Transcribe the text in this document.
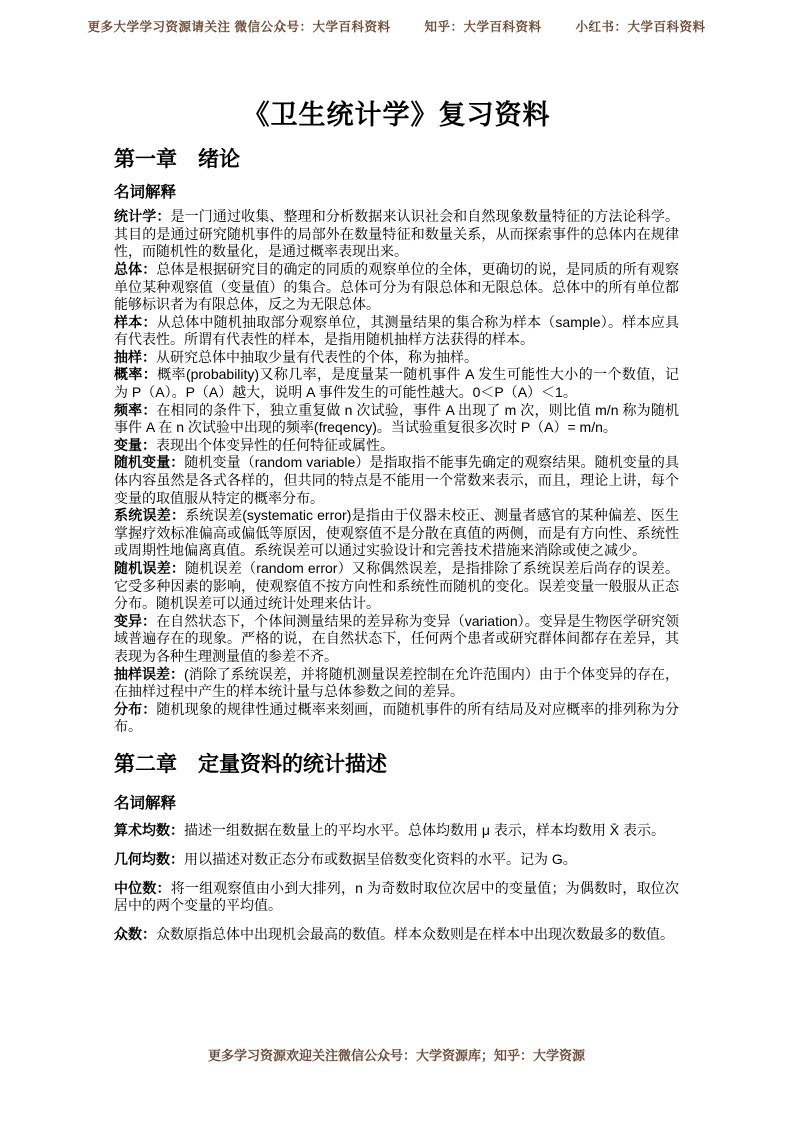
更多大学学习资源请关注 微信公众号：大学百科资料	知乎：大学百科资料	小红书：大学百科资料
《卫生统计学》复习资料
第一章　绪论
名词解释

统计学：是一门通过收集、整理和分析数据来认识社会和自然现象数量特征的方法论科学。其目的是通过研究随机事件的局部外在数量特征和数量关系，从而探索事件的总体内在规律性，而随机性的数量化，是通过概率表现出来。

总体：总体是根据研究目的确定的同质的观察单位的全体，更确切的说，是同质的所有观察单位某种观察值（变量值）的集合。总体可分为有限总体和无限总体。总体中的所有单位都能够标识者为有限总体，反之为无限总体。

样本：从总体中随机抽取部分观察单位，其测量结果的集合称为样本（sample）。样本应具有代表性。所谓有代表性的样本，是指用随机抽样方法获得的样本。

抽样：从研究总体中抽取少量有代表性的个体，称为抽样。

概率：概率(probability)又称几率，是度量某一随机事件 A 发生可能性大小的一个数值，记为 P（A）。P（A）越大，说明 A 事件发生的可能性越大。0＜P（A）＜1。

频率：在相同的条件下，独立重复做 n 次试验，事件 A 出现了 m 次，则比值 m/n 称为随机事件 A 在 n 次试验中出现的频率(freqency)。当试验重复很多次时 P（A）= m/n。

变量：表现出个体变异性的任何特征或属性。

随机变量：随机变量（random variable）是指取指不能事先确定的观察结果。随机变量的具体内容虽然是各式各样的，但共同的特点是不能用一个常数来表示，而且，理论上讲，每个变量的取值服从特定的概率分布。

系统误差：系统误差(systematic error)是指由于仪器未校正、测量者感官的某种偏差、医生掌握疗效标准偏高或偏低等原因，使观察值不是分散在真值的两侧，而是有方向性、系统性或周期性地偏离真值。系统误差可以通过实验设计和完善技术措施来消除或使之减少。

随机误差：随机误差（random error）又称偶然误差，是指排除了系统误差后尚存的误差。它受多种因素的影响，使观察值不按方向性和系统性而随机的变化。误差变量一般服从正态分布。随机误差可以通过统计处理来估计。

变异：在自然状态下，个体间测量结果的差异称为变异（variation）。变异是生物医学研究领域普遍存在的现象。严格的说，在自然状态下，任何两个患者或研究群体间都存在差异，其表现为各种生理测量值的参差不齐。

抽样误差：(消除了系统误差，并将随机测量误差控制在允许范围内）由于个体变异的存在，在抽样过程中产生的样本统计量与总体参数之间的差异。

分布：随机现象的规律性通过概率来刻画，而随机事件的所有结局及对应概率的排列称为分布。

第二章　定量资料的统计描述
名词解释

算术均数：描述一组数据在数量上的平均水平。总体均数用 μ 表示，样本均数用 X̄ 表示。

几何均数：用以描述对数正态分布或数据呈倍数变化资料的水平。记为 G。

中位数：将一组观察值由小到大排列，n 为奇数时取位次居中的变量值；为偶数时，取位次居中的两个变量的平均值。

众数：众数原指总体中出现机会最高的数值。样本众数则是在样本中出现次数最多的数值。

更多学习资源欢迎关注微信公众号：大学资源库；知乎：大学资源
